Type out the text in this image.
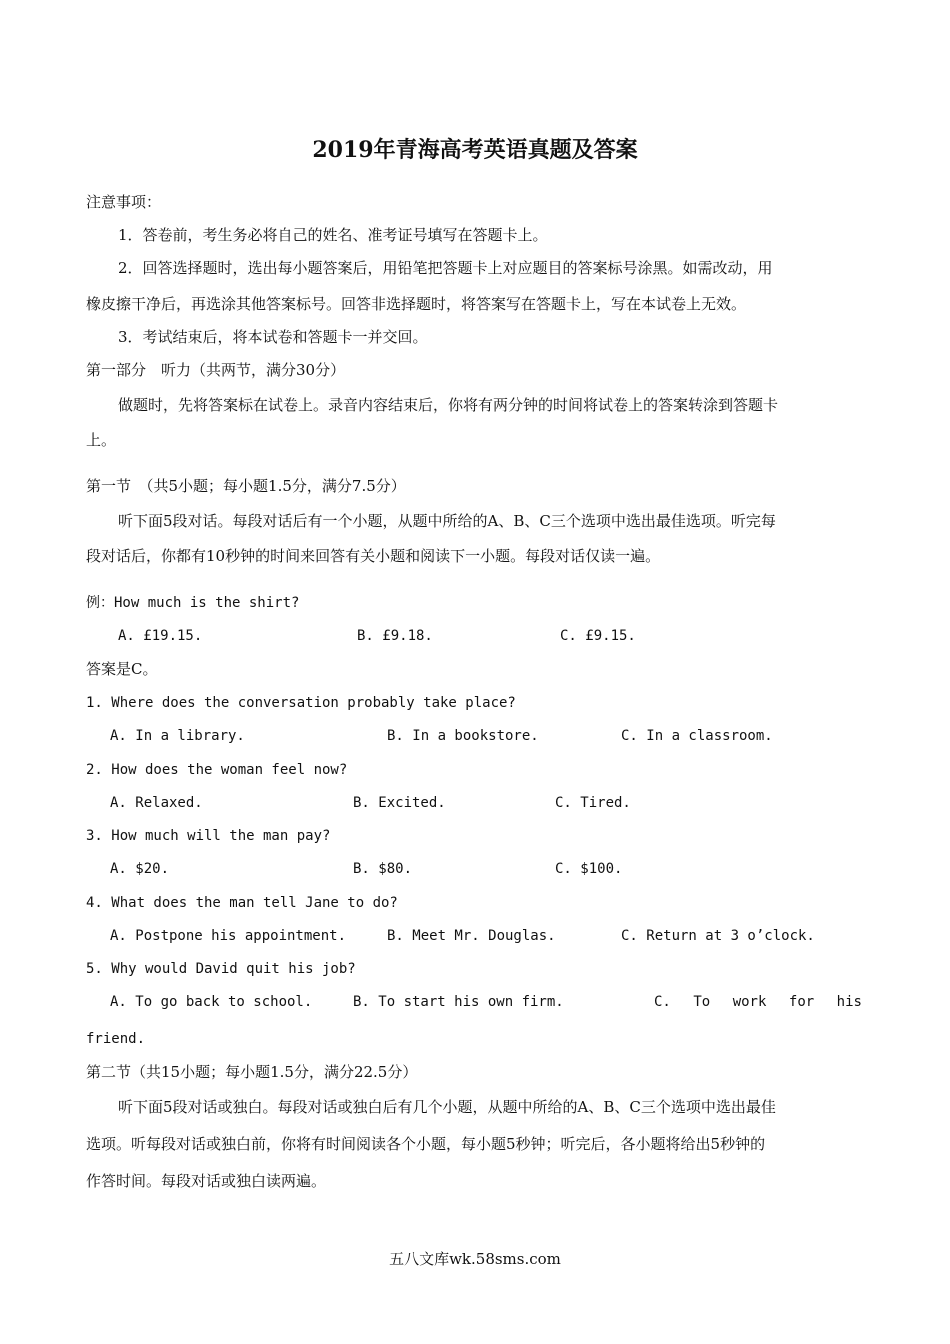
2019年青海高考英语真题及答案
注意事项：
1．答卷前，考生务必将自己的姓名、准考证号填写在答题卡上。
2．回答选择题时，选出每小题答案后，用铅笔把答题卡上对应题目的答案标号涂黑。如需改动，用
橡皮擦干净后，再选涂其他答案标号。回答非选择题时，将答案写在答题卡上，写在本试卷上无效。
3．考试结束后，将本试卷和答题卡一并交回。
第一部分　听力（共两节，满分30分）
做题时，先将答案标在试卷上。录音内容结束后，你将有两分钟的时间将试卷上的答案转涂到答题卡
上。
第一节　（共5小题；每小题1.5分，满分7.5分）
听下面5段对话。每段对话后有一个小题，从题中所给的A、B、C三个选项中选出最佳选项。听完每
段对话后，你都有10秒钟的时间来回答有关小题和阅读下一小题。每段对话仅读一遍。
例：How much is the shirt?
A. £19.15.	B. £9.18.	C. £9.15.
答案是C。
1. Where does the conversation probably take place?
A. In a library.	B. In a bookstore.	C. In a classroom.
2. How does the woman feel now?
A. Relaxed.	B. Excited.	C. Tired.
3. How much will the man pay?
A. $20.	B. $80.	C. $100.
4. What does the man tell Jane to do?
A. Postpone his appointment.	B. Meet Mr. Douglas.	C. Return at 3 o’clock.
5. Why would David quit his job?
A. To go back to school.	B. To start his own firm.	C. To work for his
friend.
第二节（共15小题；每小题1.5分，满分22.5分）
听下面5段对话或独白。每段对话或独白后有几个小题，从题中所给的A、B、C三个选项中选出最佳
选项。听每段对话或独白前，你将有时间阅读各个小题，每小题5秒钟；听完后，各小题将给出5秒钟的
作答时间。每段对话或独白读两遍。
五八文库wk.58sms.com
